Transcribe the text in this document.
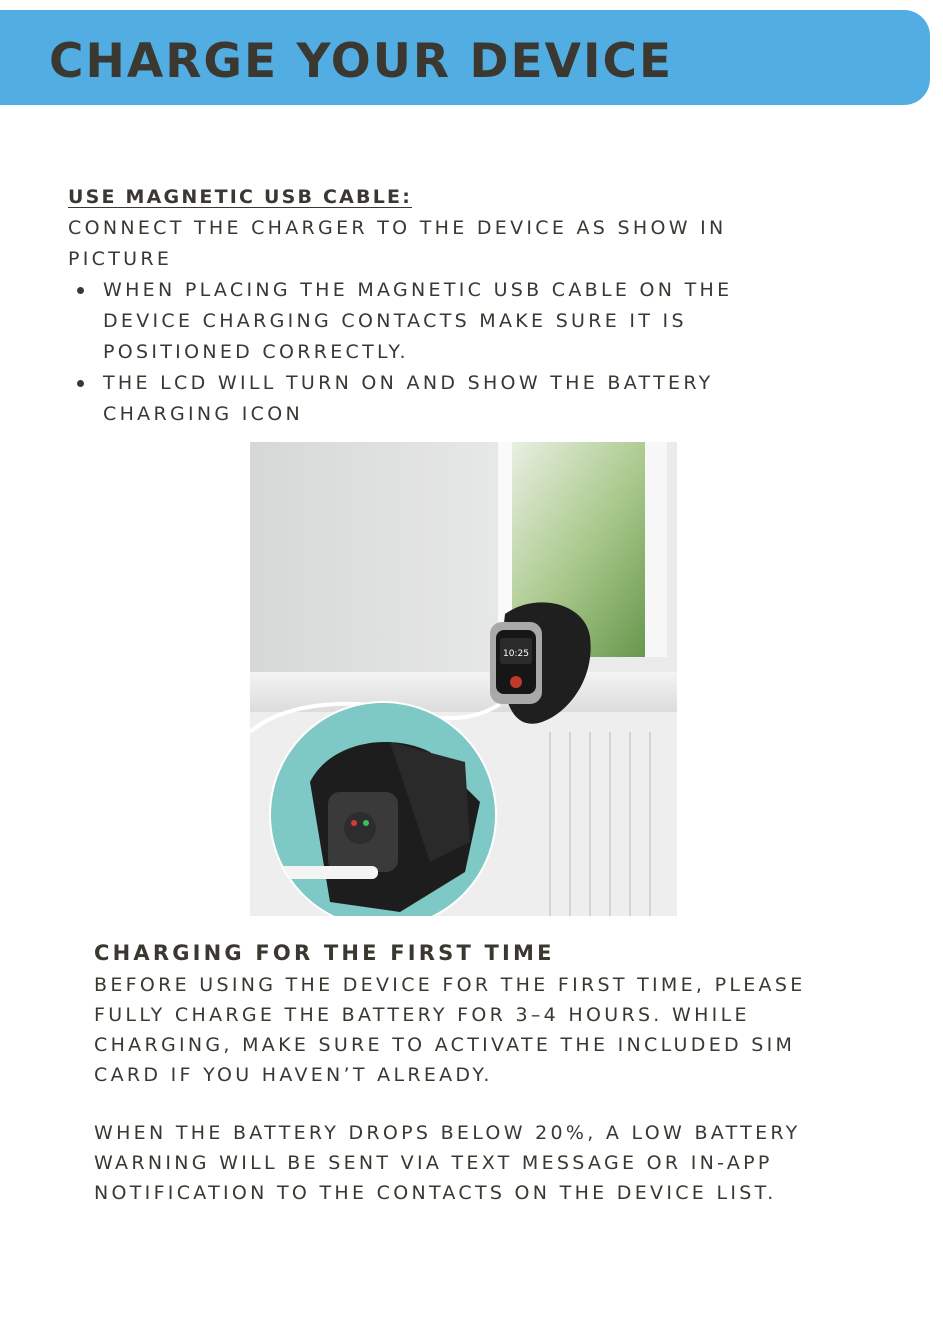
CHARGE YOUR DEVICE

USE MAGNETIC USB CABLE:

CONNECT THE CHARGER TO THE DEVICE AS SHOW IN PICTURE

WHEN PLACING THE MAGNETIC USB CABLE ON THE DEVICE CHARGING CONTACTS MAKE SURE IT IS POSITIONED CORRECTLY.
THE LCD WILL TURN ON AND SHOW THE BATTERY CHARGING ICON
10:25
CHARGING FOR THE FIRST TIME

BEFORE USING THE DEVICE FOR THE FIRST TIME, PLEASE FULLY CHARGE THE BATTERY FOR 3–4 HOURS. WHILE CHARGING, MAKE SURE TO ACTIVATE THE INCLUDED SIM CARD IF YOU HAVEN’T ALREADY.

WHEN THE BATTERY DROPS BELOW 20%, A LOW BATTERY WARNING WILL BE SENT VIA TEXT MESSAGE OR IN-APP NOTIFICATION TO THE CONTACTS ON THE DEVICE LIST.
